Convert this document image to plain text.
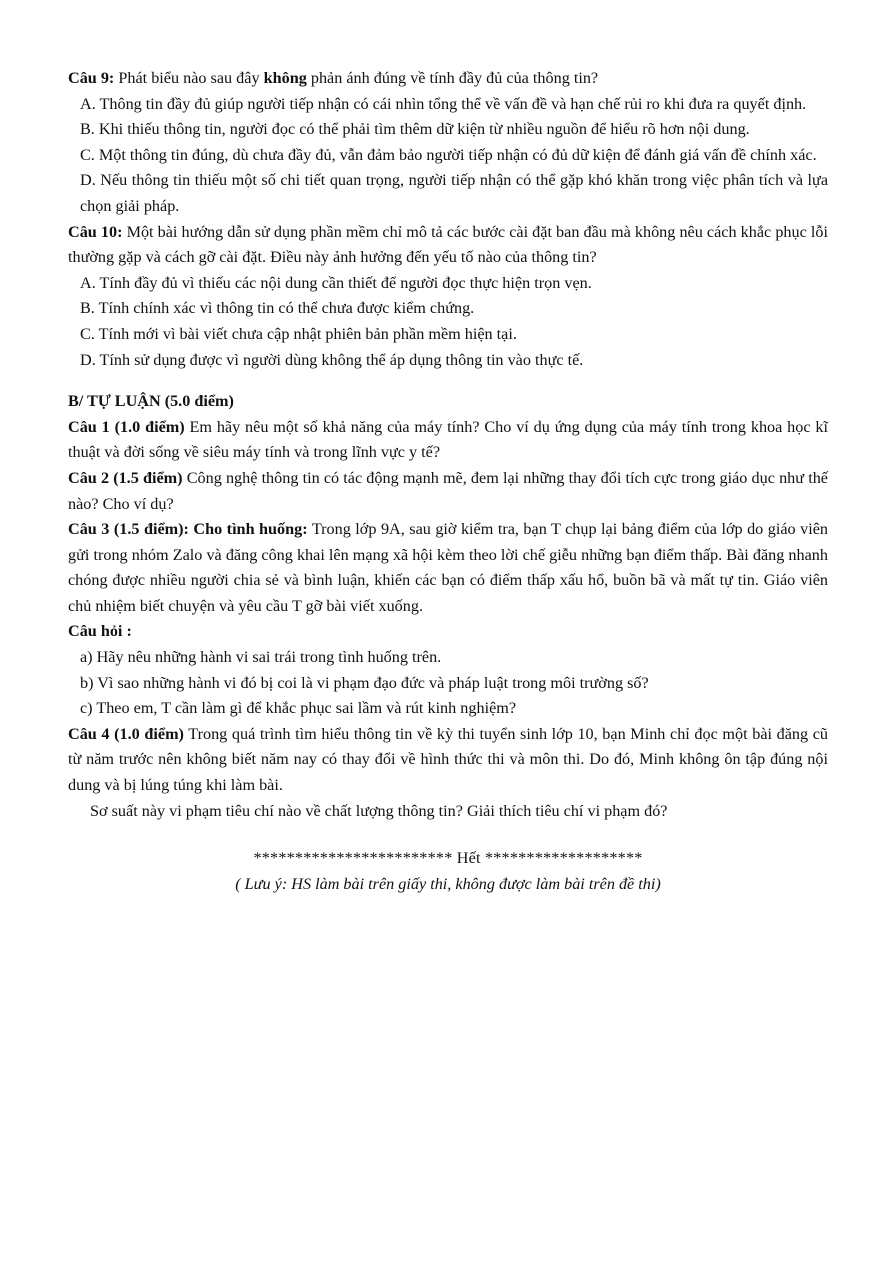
Câu 9: Phát biểu nào sau đây không phản ánh đúng về tính đầy đủ của thông tin?

A. Thông tin đầy đủ giúp người tiếp nhận có cái nhìn tổng thể về vấn đề và hạn chế rủi ro khi đưa ra quyết định.

B. Khi thiếu thông tin, người đọc có thể phải tìm thêm dữ kiện từ nhiều nguồn để hiểu rõ hơn nội dung.

C. Một thông tin đúng, dù chưa đầy đủ, vẫn đảm bảo người tiếp nhận có đủ dữ kiện để đánh giá vấn đề chính xác.

D. Nếu thông tin thiếu một số chi tiết quan trọng, người tiếp nhận có thể gặp khó khăn trong việc phân tích và lựa chọn giải pháp.

Câu 10: Một bài hướng dẫn sử dụng phần mềm chỉ mô tả các bước cài đặt ban đầu mà không nêu cách khắc phục lỗi thường gặp và cách gỡ cài đặt. Điều này ảnh hưởng đến yếu tố nào của thông tin?

A. Tính đầy đủ vì thiếu các nội dung cần thiết để người đọc thực hiện trọn vẹn.

B. Tính chính xác vì thông tin có thể chưa được kiểm chứng.

C. Tính mới vì bài viết chưa cập nhật phiên bản phần mềm hiện tại.

D. Tính sử dụng được vì người dùng không thể áp dụng thông tin vào thực tế.

B/ TỰ LUẬN (5.0 điểm)

Câu 1 (1.0 điểm) Em hãy nêu một số khả năng của máy tính? Cho ví dụ ứng dụng của máy tính trong khoa học kĩ thuật và đời sống về siêu máy tính và trong lĩnh vực y tế?

Câu 2 (1.5 điểm) Công nghệ thông tin có tác động mạnh mẽ, đem lại những thay đổi tích cực trong giáo dục như thế nào? Cho ví dụ?

Câu 3 (1.5 điểm): Cho tình huống: Trong lớp 9A, sau giờ kiểm tra, bạn T chụp lại bảng điểm của lớp do giáo viên gửi trong nhóm Zalo và đăng công khai lên mạng xã hội kèm theo lời chế giễu những bạn điểm thấp. Bài đăng nhanh chóng được nhiều người chia sẻ và bình luận, khiến các bạn có điểm thấp xấu hổ, buồn bã và mất tự tin. Giáo viên chủ nhiệm biết chuyện và yêu cầu T gỡ bài viết xuống.

Câu hỏi :

a) Hãy nêu những hành vi sai trái trong tình huống trên.

b) Vì sao những hành vi đó bị coi là vi phạm đạo đức và pháp luật trong môi trường số?

c) Theo em, T cần làm gì để khắc phục sai lầm và rút kinh nghiệm?

Câu 4 (1.0 điểm) Trong quá trình tìm hiểu thông tin về kỳ thi tuyển sinh lớp 10, bạn Minh chỉ đọc một bài đăng cũ từ năm trước nên không biết năm nay có thay đổi về hình thức thi và môn thi. Do đó, Minh không ôn tập đúng nội dung và bị lúng túng khi làm bài.

Sơ suất này vi phạm tiêu chí nào về chất lượng thông tin? Giải thích tiêu chí vi phạm đó?

************************ Hết *******************

( Lưu ý: HS làm bài trên giấy thi, không được làm bài trên đề thi)
